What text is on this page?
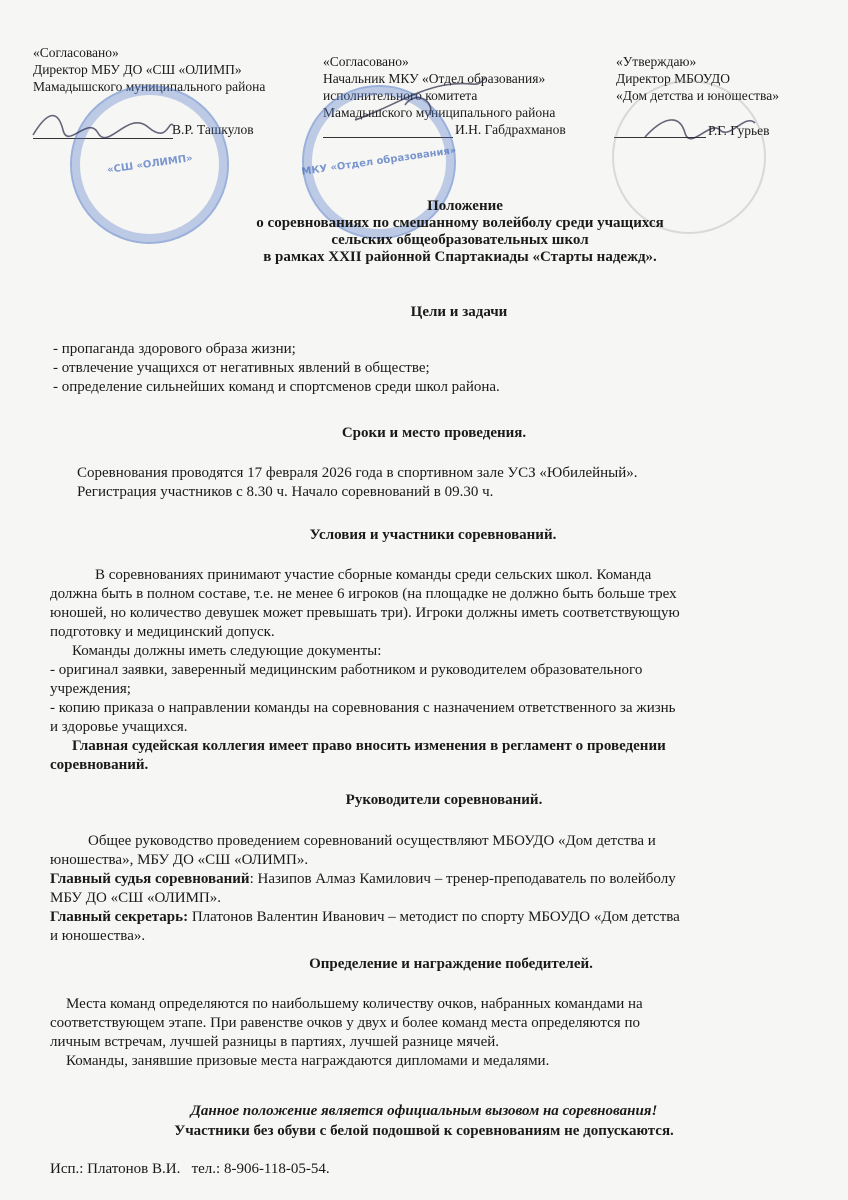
«Согласовано»
Директор МБУ ДО «СШ «ОЛИМП»
Мамадышского муниципального района
В.Р. Ташкулов
«Согласовано»
Начальник МКУ «Отдел образования»
исполнительного комитета
Мамадышского муниципального района
И.Н. Габдрахманов
«Утверждаю»
Директор МБОУДО
«Дом детства и юношества»
Р.Г. Гурьев
«СШ «ОЛИМП»	МКУ «Отдел образования»
Положение
о соревнованиях по смешанному волейболу среди учащихся
сельских общеобразовательных школ
в рамках XXII районной Спартакиады «Старты надежд».
Цели и задачи
- пропаганда здорового образа жизни;
- отвлечение учащихся от негативных явлений в обществе;
- определение сильнейших команд и спортсменов среди школ района.
Сроки и место проведения.
Соревнования проводятся 17 февраля 2026 года в спортивном зале УСЗ «Юбилейный».
Регистрация участников с 8.30 ч. Начало соревнований в 09.30 ч.
Условия и участники соревнований.
В соревнованиях принимают участие сборные команды среди сельских школ. Команда
должна быть в полном составе, т.е. не менее 6 игроков (на площадке не должно быть больше трех
юношей, но количество девушек может превышать три). Игроки должны иметь соответствующую
подготовку и медицинский допуск.
Команды должны иметь следующие документы:
- оригинал заявки, заверенный медицинским работником и руководителем образовательного
учреждения;
- копию приказа о направлении команды на соревнования с назначением ответственного за жизнь
и здоровье учащихся.
Главная судейская коллегия имеет право вносить изменения в регламент о проведении
соревнований.
Руководители соревнований.
Общее руководство проведением соревнований осуществляют МБОУДО «Дом детства и
юношества», МБУ ДО «СШ «ОЛИМП».
Главный судья соревнований: Назипов Алмаз Камилович – тренер-преподаватель по волейболу
МБУ ДО «СШ «ОЛИМП».
Главный секретарь: Платонов Валентин Иванович – методист по спорту МБОУДО «Дом детства
и юношества».
Определение и награждение победителей.
Места команд определяются по наибольшему количеству очков, набранных командами на
соответствующем этапе. При равенстве очков у двух и более команд места определяются по
личным встречам, лучшей разницы в партиях, лучшей разнице мячей.
Команды, занявшие призовые места награждаются дипломами и медалями.
Данное положение является официальным вызовом на соревнования!
Участники без обуви с белой подошвой к соревнованиям не допускаются.
Исп.: Платонов В.И.   тел.: 8-906-118-05-54.
